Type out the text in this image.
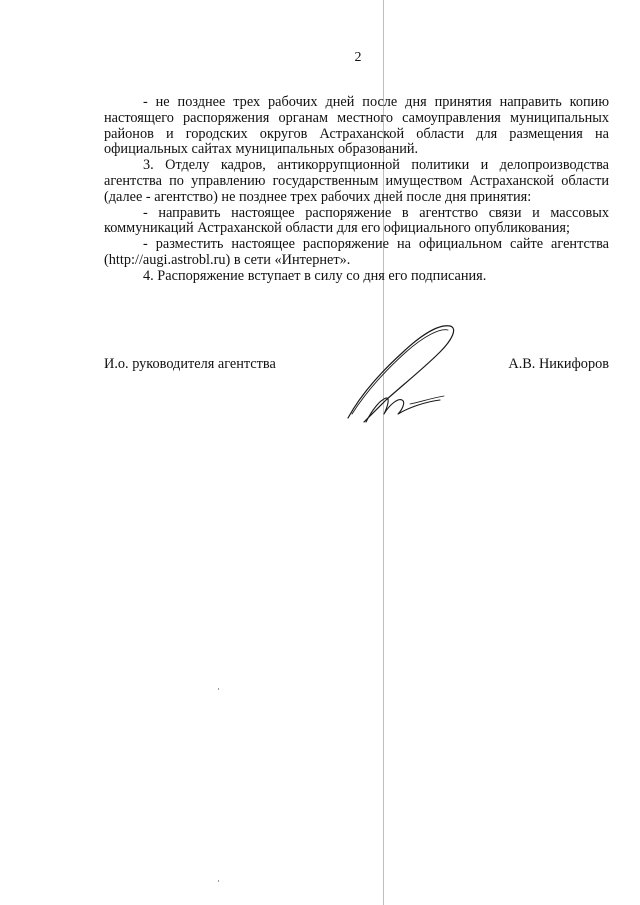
2

- не позднее трех рабочих дней после дня принятия направить копию настоящего распоряжения органам местного самоуправления муниципальных районов и городских округов Астраханской области для размещения на официальных сайтах муниципальных образований.

3. Отделу кадров, антикоррупционной политики и делопроизводства агентства по управлению государственным имуществом Астраханской области (далее - агентство) не позднее трех рабочих дней после дня принятия:

- направить настоящее распоряжение в агентство связи и массовых коммуникаций Астраханской области для его официального опубликования;

- разместить настоящее распоряжение на официальном сайте агентства (http://augi.astrobl.ru) в сети «Интернет».

4. Распоряжение вступает в силу со дня его подписания.

И.о. руководителя агентства	А.В. Никифоров
